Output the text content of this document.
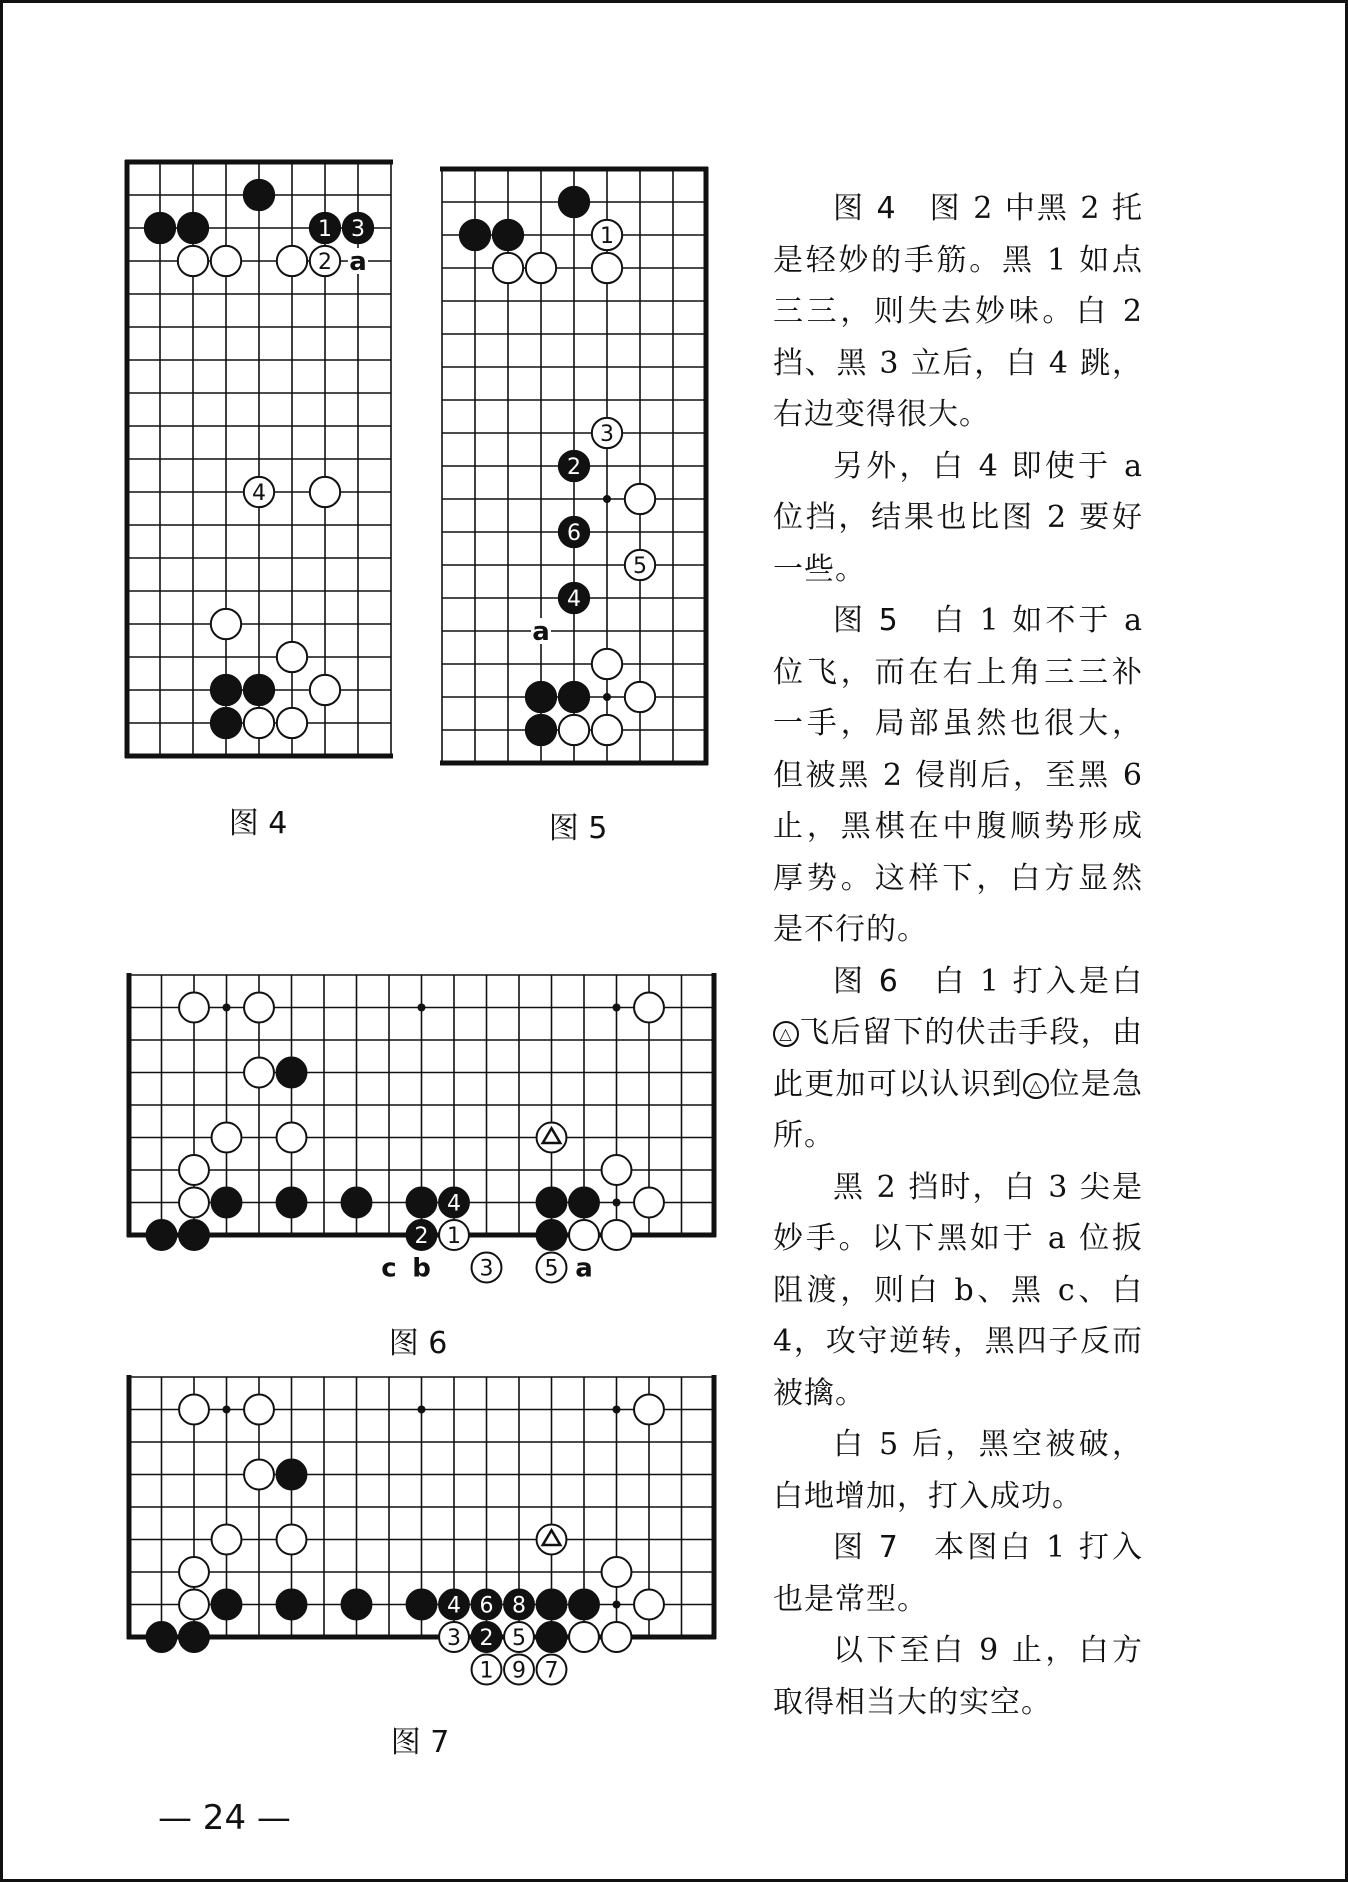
a
1 3
2
4
图 4
a
1
3
2
6
5
4
图 5
c b	a
4
2 1
3 5
图 6
4 6 8
3 2 5
1 9 7
图 7

图 4　 图 2 中黑 2 托是轻妙的手筋。黑 1 如点三三，则失去妙味。白 2 挡、黑 3 立后，白 4 跳，右边变得很大。

另外，白 4 即使于 a 位挡，结果也比图 2 要好一些。

图 5　 白 1 如不于 a 位飞，而在右上角三三补一手，局部虽然也很大，但被黑 2 侵削后，至黑 6 止，黑棋在中腹顺势形成厚势。这样下，白方显然是不行的。

图 6　 白 1 打入是白△ 飞后留下的伏击手段，由此更加可以认识到 △ 位是急所。

黑 2 挡时，白 3 尖是妙手。以下黑如于 a 位扳阻渡，则白 b、黑 c、白 4，攻守逆转，黑四子反而被擒。

白 5 后，黑空被破，白地增加，打入成功。

图 7　 本图白 1 打入也是常型。

以下至白 9 止，白方取得相当大的实空。

— 24 —
